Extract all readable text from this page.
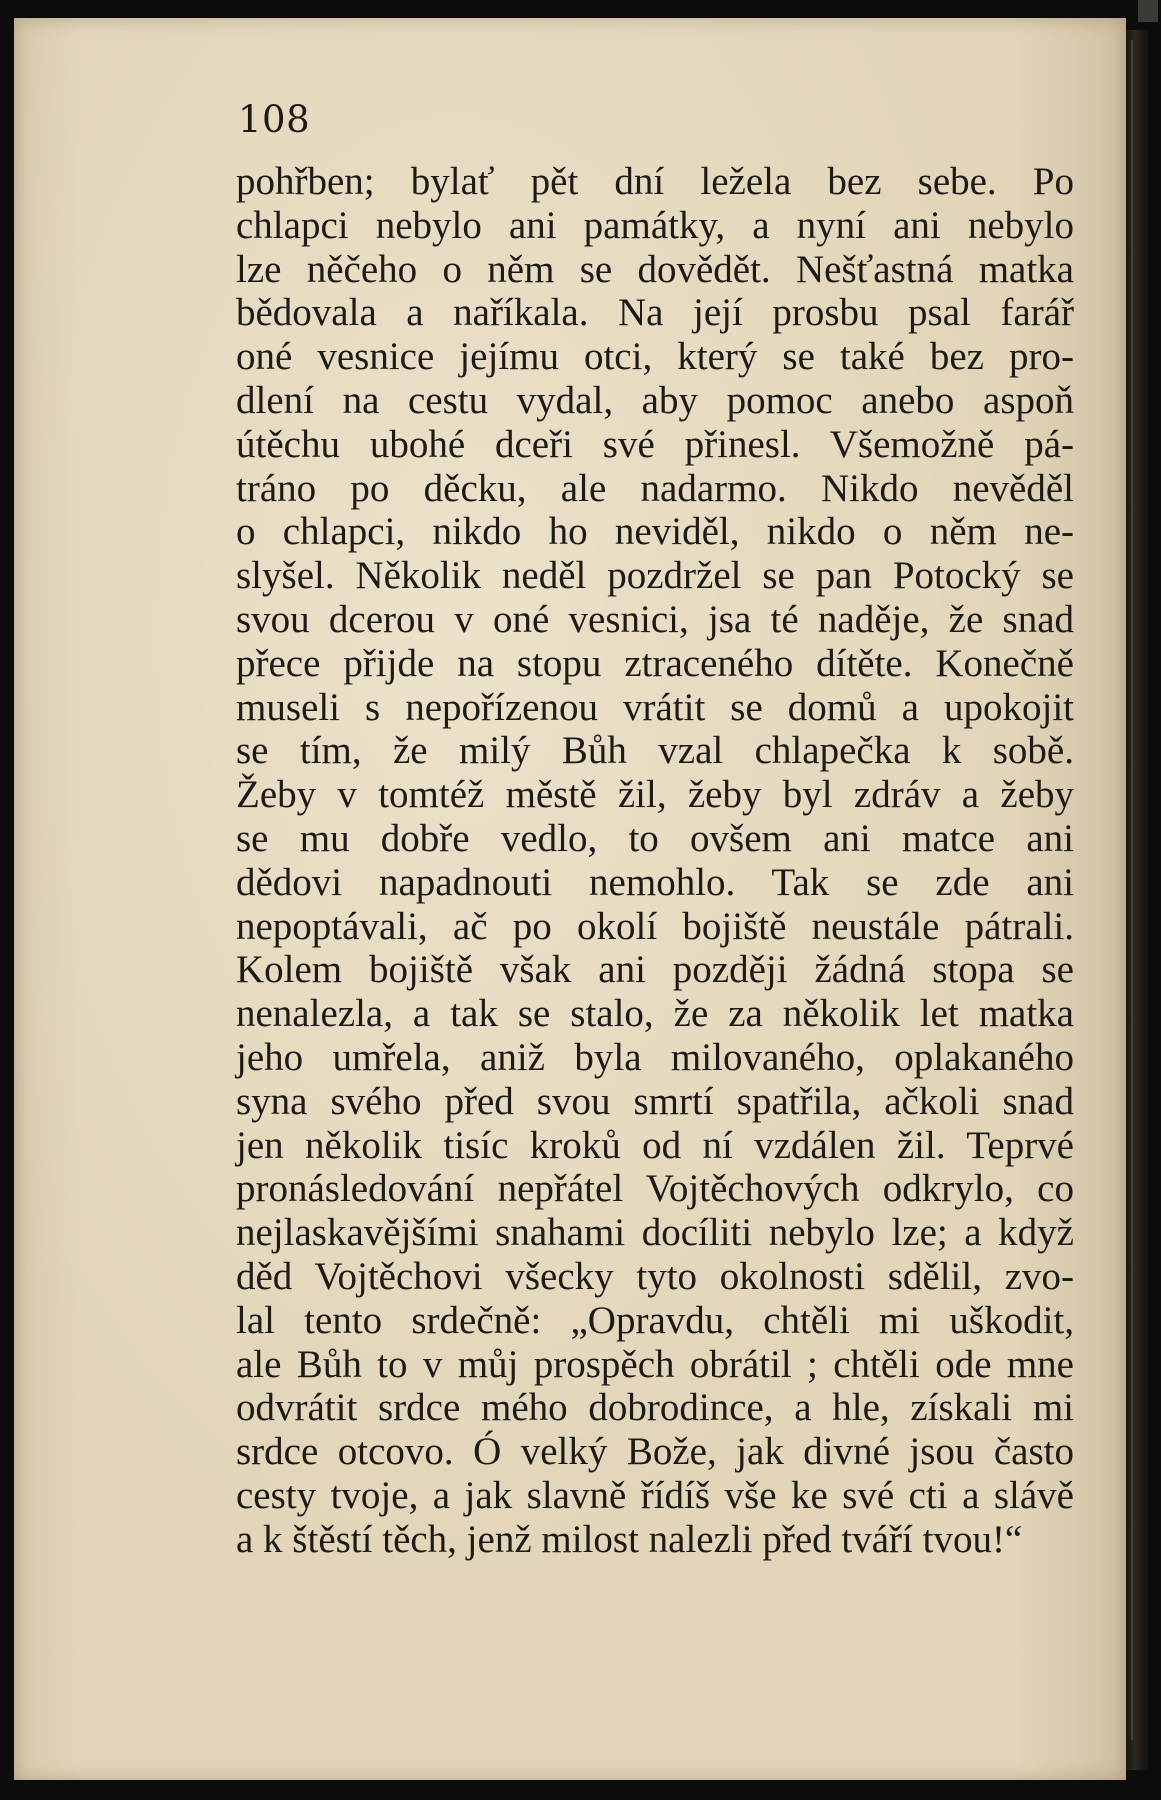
108
pohřben; bylať pět dní ležela bez sebe. Po
chlapci nebylo ani památky, a nyní ani nebylo
lze něčeho o něm se dovědět. Nešťastná matka
bědovala a naříkala. Na její prosbu psal farář
oné vesnice jejímu otci, který se také bez pro-
dlení na cestu vydal, aby pomoc anebo aspoň
útěchu ubohé dceři své přinesl. Všemožně pá-
tráno po děcku, ale nadarmo. Nikdo nevěděl
o chlapci, nikdo ho neviděl, nikdo o něm ne-
slyšel. Několik neděl pozdržel se pan Potocký se
svou dcerou v oné vesnici, jsa té naděje, že snad
přece přijde na stopu ztraceného dítěte. Konečně
museli s nepořízenou vrátit se domů a upokojit
se tím, že milý Bůh vzal chlapečka k sobě.
Žeby v tomtéž městě žil, žeby byl zdráv a žeby
se mu dobře vedlo, to ovšem ani matce ani
dědovi napadnouti nemohlo. Tak se zde ani
nepoptávali, ač po okolí bojiště neustále pátrali.
Kolem bojiště však ani později žádná stopa se
nenalezla, a tak se stalo, že za několik let matka
jeho umřela, aniž byla milovaného, oplakaného
syna svého před svou smrtí spatřila, ačkoli snad
jen několik tisíc kroků od ní vzdálen žil. Teprvé
pronásledování nepřátel Vojtěchových odkrylo, co
nejlaskavějšími snahami docíliti nebylo lze; a když
děd Vojtěchovi všecky tyto okolnosti sdělil, zvo-
lal tento srdečně: „Opravdu, chtěli mi uškodit,
ale Bůh to v můj prospěch obrátil ; chtěli ode mne
odvrátit srdce mého dobrodince, a hle, získali mi
srdce otcovo. Ó velký Bože, jak divné jsou často
cesty tvoje, a jak slavně řídíš vše ke své cti a slávě
a k štěstí těch, jenž milost nalezli před tváří tvou!“
